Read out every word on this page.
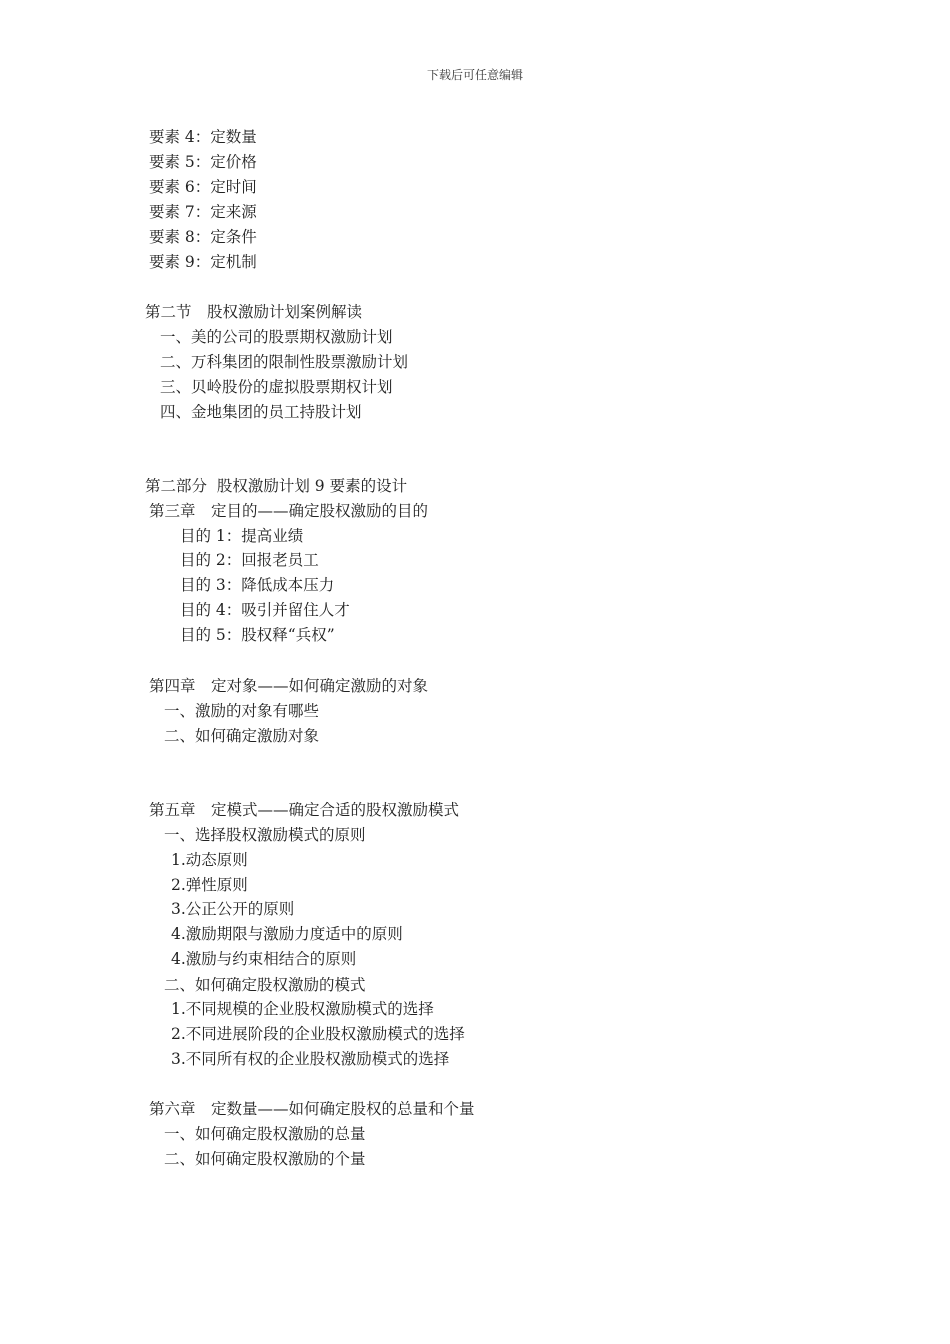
下载后可任意编辑
要素 4：定数量
要素 5：定价格
要素 6：定时间
要素 7：定来源
要素 8：定条件
要素 9：定机制
第二节　股权激励计划案例解读
一、美的公司的股票期权激励计划
二、万科集团的限制性股票激励计划
三、贝岭股份的虚拟股票期权计划
四、金地集团的员工持股计划
第二部分  股权激励计划 9 要素的设计
第三章　定目的——确定股权激励的目的
目的 1：提高业绩
目的 2：回报老员工
目的 3：降低成本压力
目的 4：吸引并留住人才
目的 5：股权释“兵权”
第四章　定对象——如何确定激励的对象
一、激励的对象有哪些
二、如何确定激励对象
第五章　定模式——确定合适的股权激励模式
一、选择股权激励模式的原则
1.动态原则
2.弹性原则
3.公正公开的原则
4.激励期限与激励力度适中的原则
4.激励与约束相结合的原则
二、如何确定股权激励的模式
1.不同规模的企业股权激励模式的选择
2.不同进展阶段的企业股权激励模式的选择
3.不同所有权的企业股权激励模式的选择
第六章　定数量——如何确定股权的总量和个量
一、如何确定股权激励的总量
二、如何确定股权激励的个量
